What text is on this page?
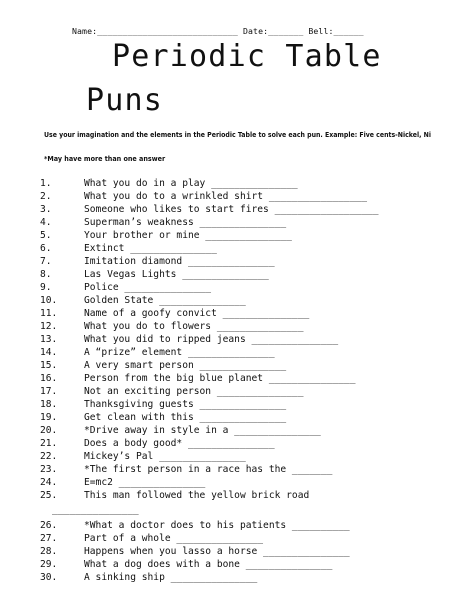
Name:____________________________ Date:_______ Bell:______
Periodic Table
Puns
Use your imagination and the elements in the Periodic Table to solve each pun. Example: Five cents-Nickel, Ni
*May have more than one answer
1.	What you do in a play _______________
2.	What you do to a wrinkled shirt _________________
3.	Someone who likes to start fires __________________
4.	Superman’s weakness _______________
5.	Your brother or mine _______________
6.	Extinct _______________
7.	Imitation diamond _______________
8.	Las Vegas Lights _______________
9.	Police _______________
10.	Golden State _______________
11.	Name of a goofy convict _______________
12.	What you do to flowers _______________
13.	What you did to ripped jeans _______________
14.	A “prize” element _______________
15.	A very smart person _______________
16.	Person from the big blue planet _______________
17.	Not an exciting person _______________
18.	Thanksgiving guests _______________
19.	Get clean with this _______________
20.	*Drive away in style in a _______________
21.	Does a body good* _______________
22.	Mickey’s Pal _______________
23.	*The first person in a race has the _______
24.	E=mc2 _______________
25.	This man followed the yellow brick road
_______________
26.	*What a doctor does to his patients __________
27.	Part of a whole _______________
28.	Happens when you lasso a horse _______________
29.	What a dog does with a bone _______________
30.	A sinking ship _______________
